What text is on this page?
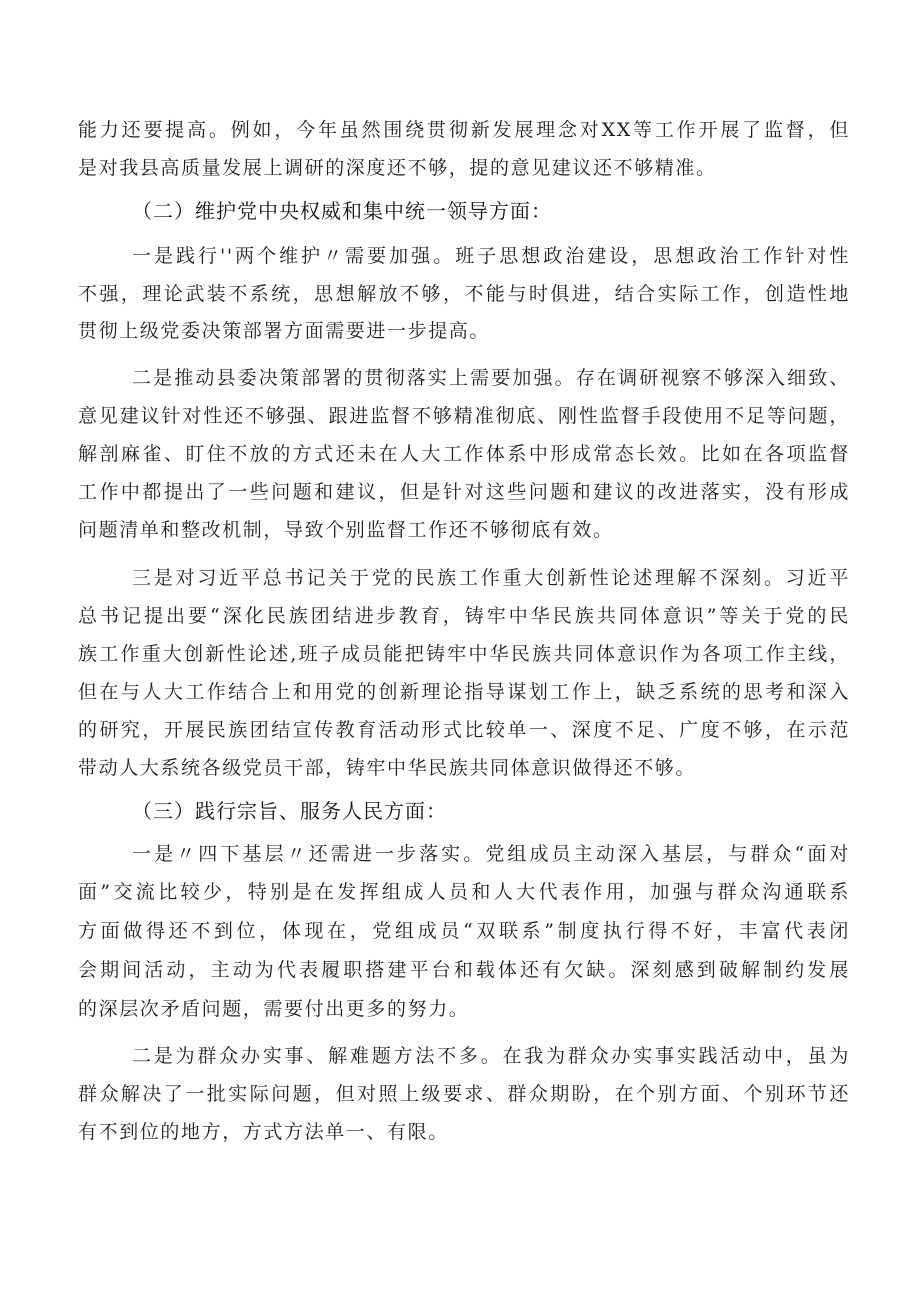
能力还要提高。例如，今年虽然围绕贯彻新发展理念对XX等工作开展了监督，但
是对我县高质量发展上调研的深度还不够，提的意见建议还不够精准。
（二）维护党中央权威和集中统一领导方面：
一是践行''两个维护〃需要加强。班子思想政治建设，思想政治工作针对性
不强，理论武装不系统，思想解放不够，不能与时俱进，结合实际工作，创造性地
贯彻上级党委决策部署方面需要进一步提高。
二是推动县委决策部署的贯彻落实上需要加强。存在调研视察不够深入细致、
意见建议针对性还不够强、跟进监督不够精准彻底、刚性监督手段使用不足等问题，
解剖麻雀、盯住不放的方式还未在人大工作体系中形成常态长效。比如在各项监督
工作中都提出了一些问题和建议，但是针对这些问题和建议的改进落实，没有形成
问题清单和整改机制，导致个别监督工作还不够彻底有效。
三是对习近平总书记关于党的民族工作重大创新性论述理解不深刻。习近平
总书记提出要“深化民族团结进步教育，铸牢中华民族共同体意识”等关于党的民
族工作重大创新性论述,班子成员能把铸牢中华民族共同体意识作为各项工作主线，
但在与人大工作结合上和用党的创新理论指导谋划工作上，缺乏系统的思考和深入
的研究，开展民族团结宣传教育活动形式比较单一、深度不足、广度不够，在示范
带动人大系统各级党员干部，铸牢中华民族共同体意识做得还不够。
（三）践行宗旨、服务人民方面：
一是〃四下基层〃还需进一步落实。党组成员主动深入基层，与群众“面对
面”交流比较少，特别是在发挥组成人员和人大代表作用，加强与群众沟通联系
方面做得还不到位，体现在，党组成员“双联系”制度执行得不好，丰富代表闭
会期间活动，主动为代表履职搭建平台和载体还有欠缺。深刻感到破解制约发展
的深层次矛盾问题，需要付出更多的努力。
二是为群众办实事、解难题方法不多。在我为群众办实事实践活动中，虽为
群众解决了一批实际问题，但对照上级要求、群众期盼，在个别方面、个别环节还
有不到位的地方，方式方法单一、有限。
